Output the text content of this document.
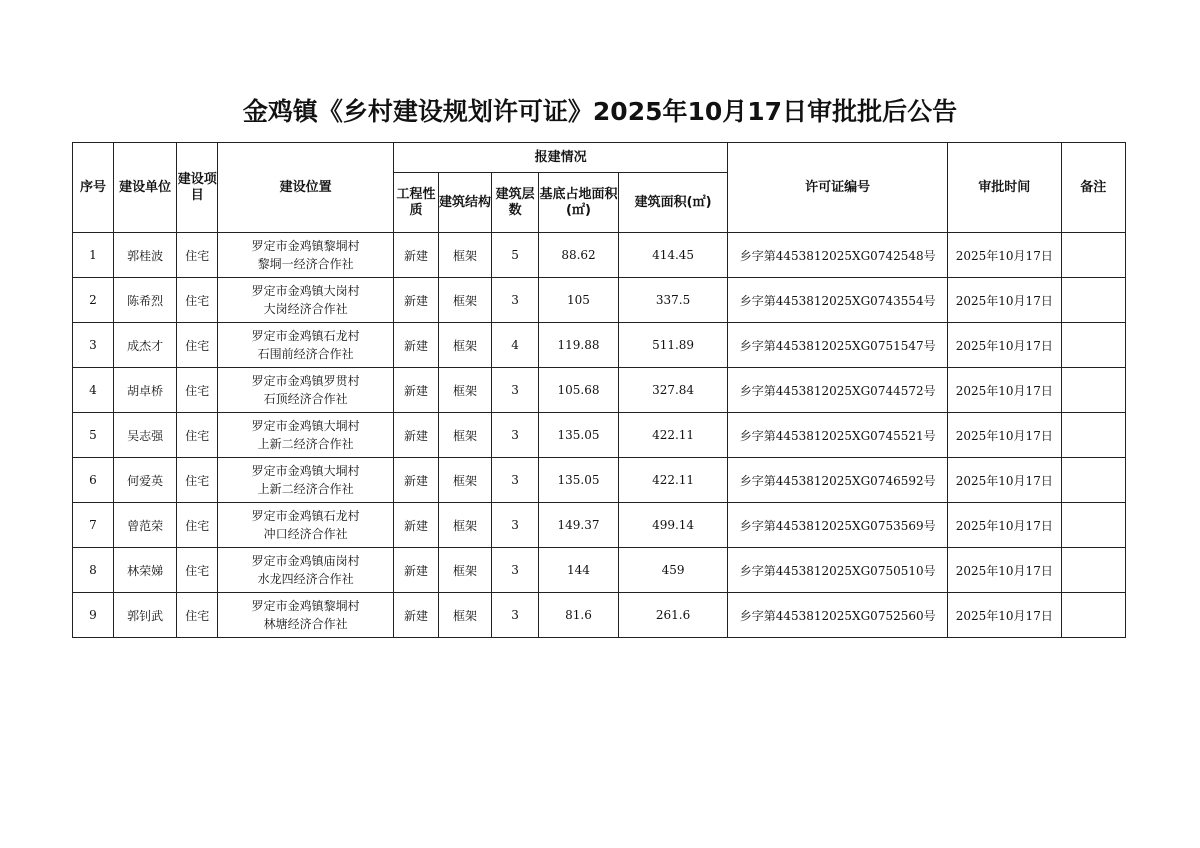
金鸡镇《乡村建设规划许可证》2025年10月17日审批批后公告
序号	建设单位	建设项目	建设位置	报建情况					许可证编号	审批时间	备注
				工程性质	建筑结构	建筑层数	基底占地面积(㎡)	建筑面积(㎡)			
1	郭桂波	住宅	罗定市金鸡镇黎垌村
黎垌一经济合作社	新建	框架	5	88.62	414.45	乡字第4453812025XG0742548号	2025年10月17日	
2	陈希烈	住宅	罗定市金鸡镇大岗村
大岗经济合作社	新建	框架	3	105	337.5	乡字第4453812025XG0743554号	2025年10月17日	
3	成杰才	住宅	罗定市金鸡镇石龙村
石围前经济合作社	新建	框架	4	119.88	511.89	乡字第4453812025XG0751547号	2025年10月17日	
4	胡卓桥	住宅	罗定市金鸡镇罗贯村
石顶经济合作社	新建	框架	3	105.68	327.84	乡字第4453812025XG0744572号	2025年10月17日	
5	吴志强	住宅	罗定市金鸡镇大垌村
上新二经济合作社	新建	框架	3	135.05	422.11	乡字第4453812025XG0745521号	2025年10月17日	
6	何爱英	住宅	罗定市金鸡镇大垌村
上新二经济合作社	新建	框架	3	135.05	422.11	乡字第4453812025XG0746592号	2025年10月17日	
7	曾范荣	住宅	罗定市金鸡镇石龙村
冲口经济合作社	新建	框架	3	149.37	499.14	乡字第4453812025XG0753569号	2025年10月17日	
8	林荣娣	住宅	罗定市金鸡镇庙岗村
水龙四经济合作社	新建	框架	3	144	459	乡字第4453812025XG0750510号	2025年10月17日	
9	郭钊武	住宅	罗定市金鸡镇黎垌村
林塘经济合作社	新建	框架	3	81.6	261.6	乡字第4453812025XG0752560号	2025年10月17日	
